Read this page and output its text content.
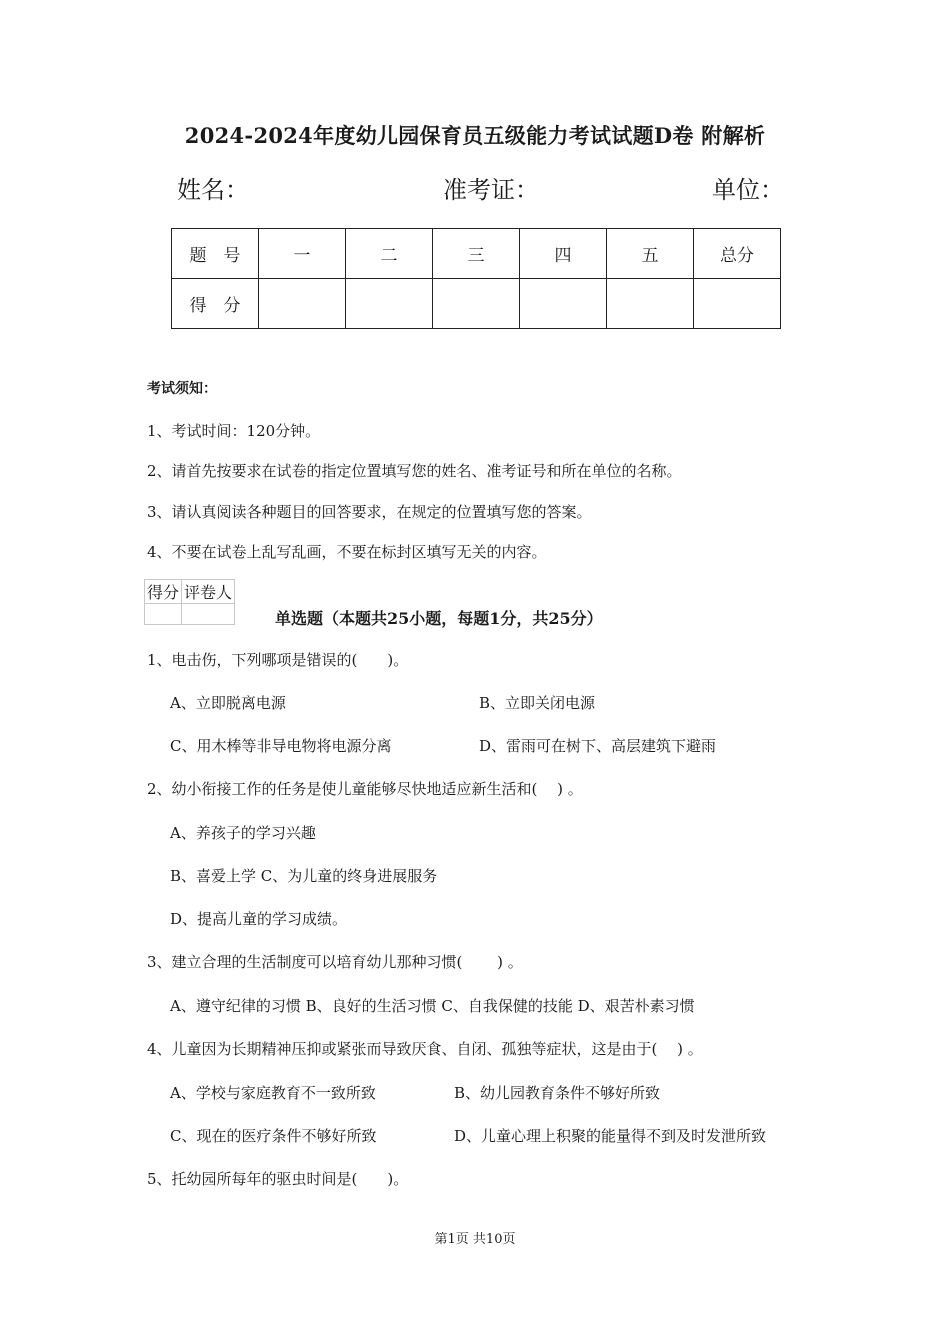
2024-2024年度幼儿园保育员五级能力考试试题D卷 附解析
姓名：	准考证：	单位：
题　号	一	二	三	四	五	总分
得　分						
考试须知：
1、考试时间：120分钟。
2、请首先按要求在试卷的指定位置填写您的姓名、准考证号和所在单位的名称。
3、请认真阅读各种题目的回答要求，在规定的位置填写您的答案。
4、不要在试卷上乱写乱画，不要在标封区填写无关的内容。
得分	评卷人

单选题（本题共25小题，每题1分，共25分）
1、电击伤，下列哪项是错误的(　　)。
A、立即脱离电源	B、立即关闭电源
C、用木棒等非导电物将电源分离	D、雷雨可在树下、高层建筑下避雨
2、幼小衔接工作的任务是使儿童能够尽快地适应新生活和(　 ) 。
A、养孩子的学习兴趣
B、喜爱上学 C、为儿童的终身进展服务
D、提高儿童的学习成绩。
3、建立合理的生活制度可以培育幼儿那种习惯(　　 ) 。
A、遵守纪律的习惯 B、良好的生活习惯 C、自我保健的技能 D、艰苦朴素习惯
4、儿童因为长期精神压抑或紧张而导致厌食、自闭、孤独等症状，这是由于(　 ) 。
A、学校与家庭教育不一致所致	B、幼儿园教育条件不够好所致
C、现在的医疗条件不够好所致	D、儿童心理上积聚的能量得不到及时发泄所致
5、托幼园所每年的驱虫时间是(　　)。
第1页 共10页
